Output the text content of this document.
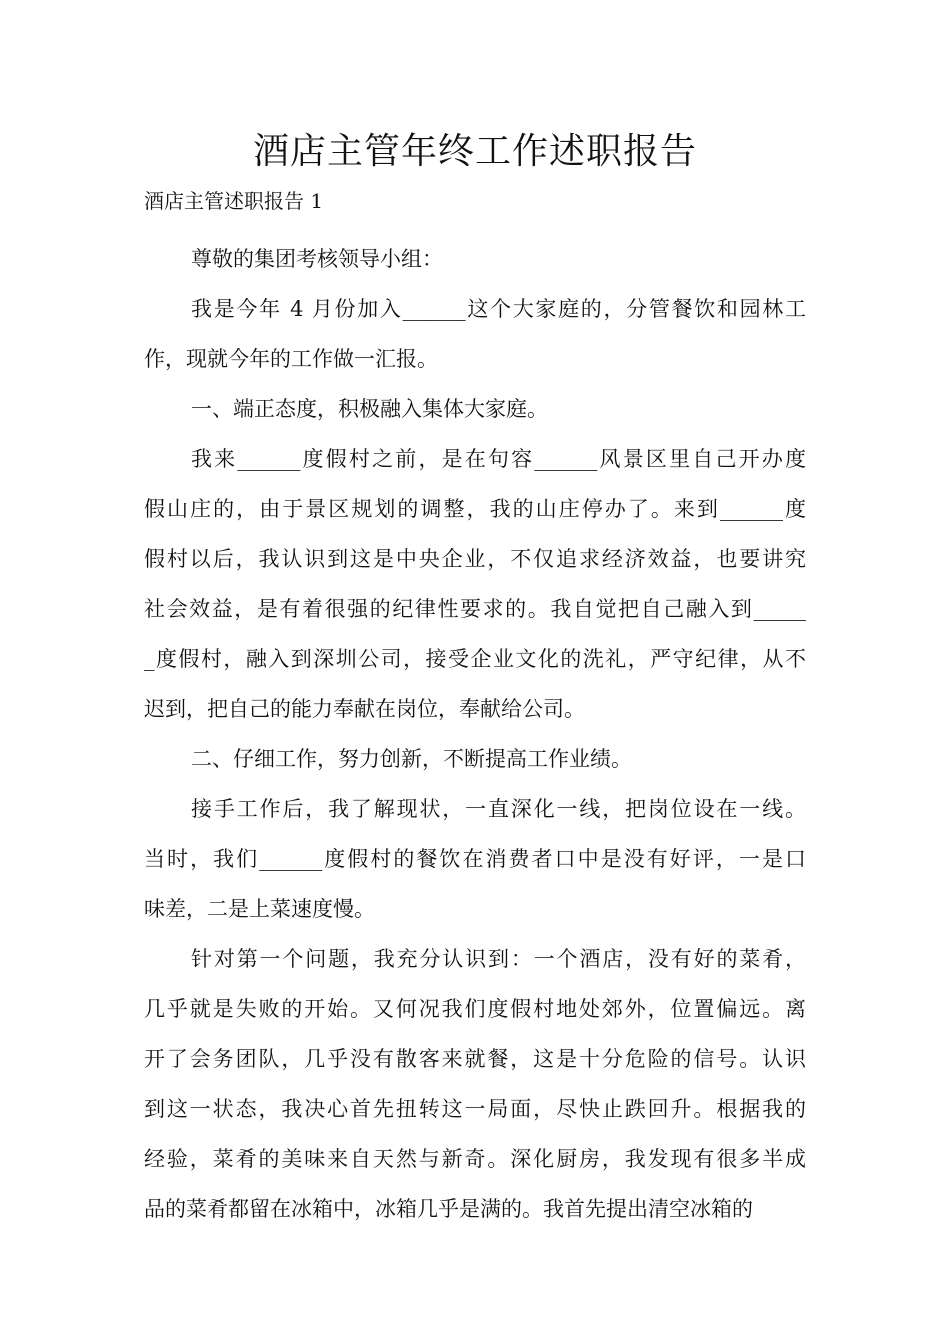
酒店主管年终工作述职报告

酒店主管述职报告 1

尊敬的集团考核领导小组：

我是今年 4 月份加入______这个大家庭的，分管餐饮和园林工
作，现就今年的工作做一汇报。

一、端正态度，积极融入集体大家庭。

我来______度假村之前，是在句容______风景区里自己开办度
假山庄的，由于景区规划的调整，我的山庄停办了。来到______度
假村以后，我认识到这是中央企业，不仅追求经济效益，也要讲究
社会效益，是有着很强的纪律性要求的。我自觉把自己融入到_____
_度假村，融入到深圳公司，接受企业文化的洗礼，严守纪律，从不
迟到，把自己的能力奉献在岗位，奉献给公司。

二、仔细工作，努力创新，不断提高工作业绩。

接手工作后，我了解现状，一直深化一线，把岗位设在一线。
当时，我们______度假村的餐饮在消费者口中是没有好评，一是口
味差，二是上菜速度慢。

针对第一个问题，我充分认识到：一个酒店，没有好的菜肴，
几乎就是失败的开始。又何况我们度假村地处郊外，位置偏远。离
开了会务团队，几乎没有散客来就餐，这是十分危险的信号。认识
到这一状态，我决心首先扭转这一局面，尽快止跌回升。根据我的
经验，菜肴的美味来自天然与新奇。深化厨房，我发现有很多半成
品的菜肴都留在冰箱中，冰箱几乎是满的。我首先提出清空冰箱的
